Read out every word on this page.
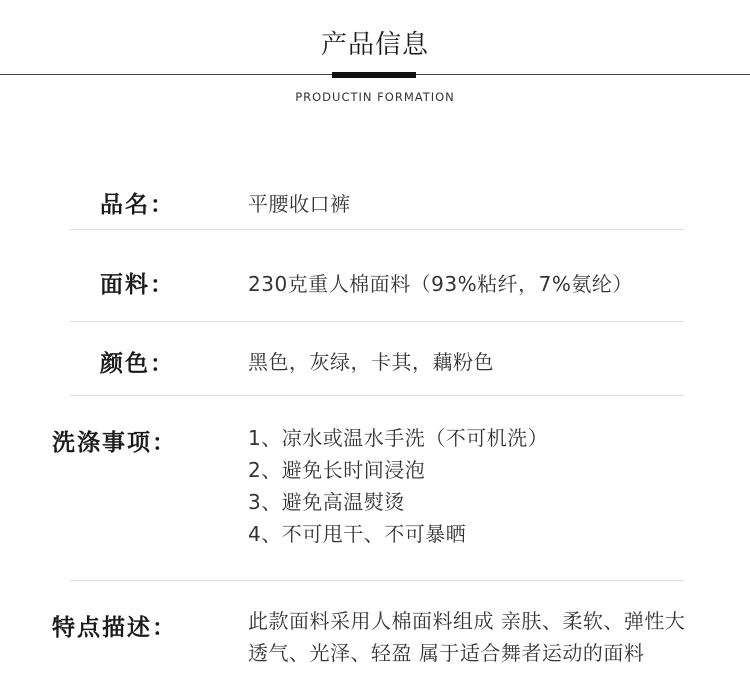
产品信息
PRODUCTIN FORMATION
品名：	平腰收口裤
面料：	230克重人棉面料（93%粘纤，7%氨纶）
颜色：	黑色，灰绿，卡其，藕粉色
洗涤事项：	1、凉水或温水手洗（不可机洗）
2、避免长时间浸泡
3、避免高温熨烫
4、不可甩干、不可暴晒
特点描述：	此款面料采用人棉面料组成 亲肤、柔软、弹性大
透气、光泽、轻盈 属于适合舞者运动的面料
